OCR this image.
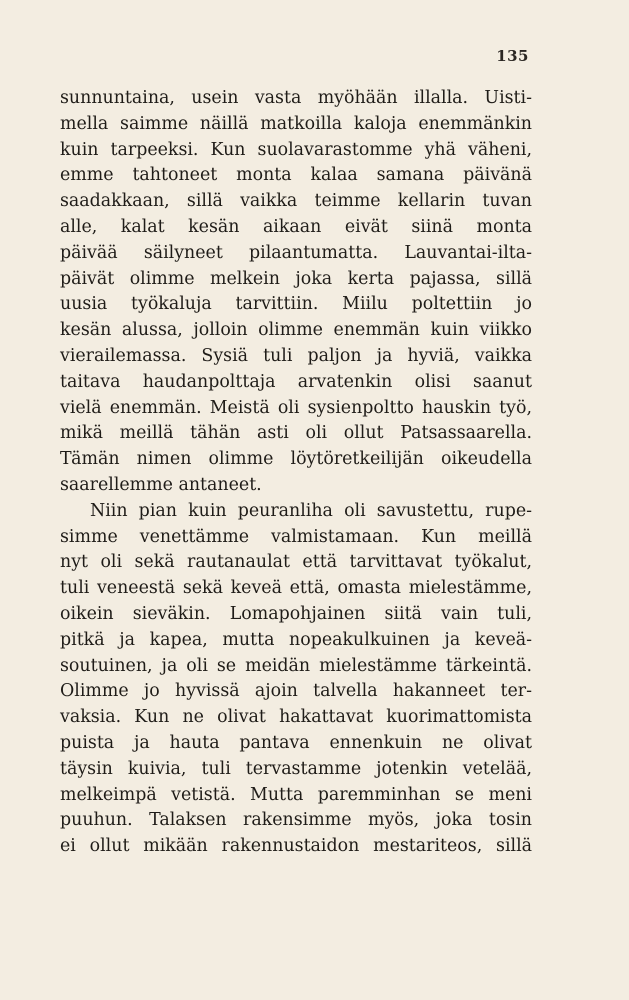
135
sunnuntaina, usein vasta myöhään illalla. Uisti-
mella saimme näillä matkoilla kaloja enemmänkin
kuin tarpeeksi. Kun suolavarastomme yhä väheni,
emme tahtoneet monta kalaa samana päivänä
saadakkaan, sillä vaikka teimme kellarin tuvan
alle, kalat kesän aikaan eivät siinä monta
päivää säilyneet pilaantumatta. Lauvantai-ilta-
päivät olimme melkein joka kerta pajassa, sillä
uusia työkaluja tarvittiin. Miilu poltettiin jo
kesän alussa, jolloin olimme enemmän kuin viikko
vierailemassa. Sysiä tuli paljon ja hyviä, vaikka
taitava haudanpolttaja arvatenkin olisi saanut
vielä enemmän. Meistä oli sysienpoltto hauskin työ,
mikä meillä tähän asti oli ollut Patsassaarella.
Tämän nimen olimme löytöretkeilijän oikeudella
saarellemme antaneet.
Niin pian kuin peuranliha oli savustettu, rupe-
simme venettämme valmistamaan. Kun meillä
nyt oli sekä rautanaulat että tarvittavat työkalut,
tuli veneestä sekä keveä että, omasta mielestämme,
oikein sieväkin. Lomapohjainen siitä vain tuli,
pitkä ja kapea, mutta nopeakulkuinen ja keveä-
soutuinen, ja oli se meidän mielestämme tärkeintä.
Olimme jo hyvissä ajoin talvella hakanneet ter-
vaksia. Kun ne olivat hakattavat kuorimattomista
puista ja hauta pantava ennenkuin ne olivat
täysin kuivia, tuli tervastamme jotenkin vetelää,
melkeimpä vetistä. Mutta paremminhan se meni
puuhun. Talaksen rakensimme myös, joka tosin
ei ollut mikään rakennustaidon mestariteos, sillä
